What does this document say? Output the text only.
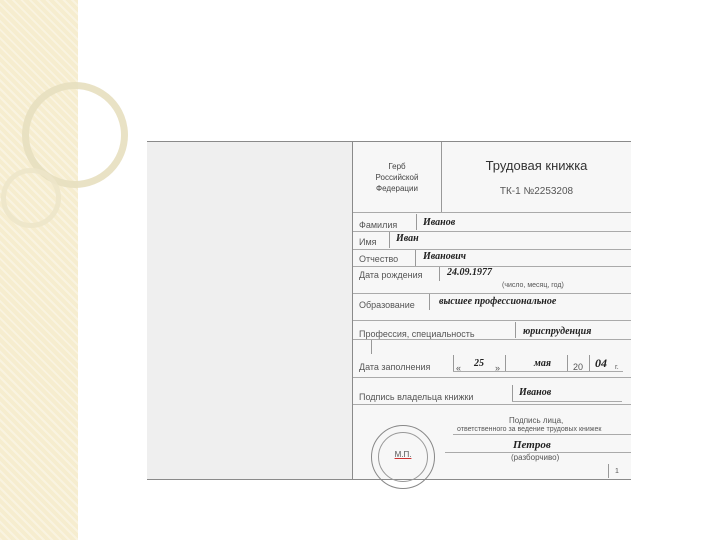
Герб
Российской
Федерации
Трудовая книжка
ТК-1 №2253208
Фамилия	Иванов
Имя Иван
Отчество Иванович
Дата рождения 24.09.1977
(число, месяц, год)
Образование высшее профессиональное
Профессия, специальность	юриспруденция
Дата заполнения	« 25 »	мая 20 04 г.
Подпись владельца книжки	Иванов
Подпись лица,
ответственного за ведение трудовых книжек
Петров
(разборчиво)
М.П.
1
